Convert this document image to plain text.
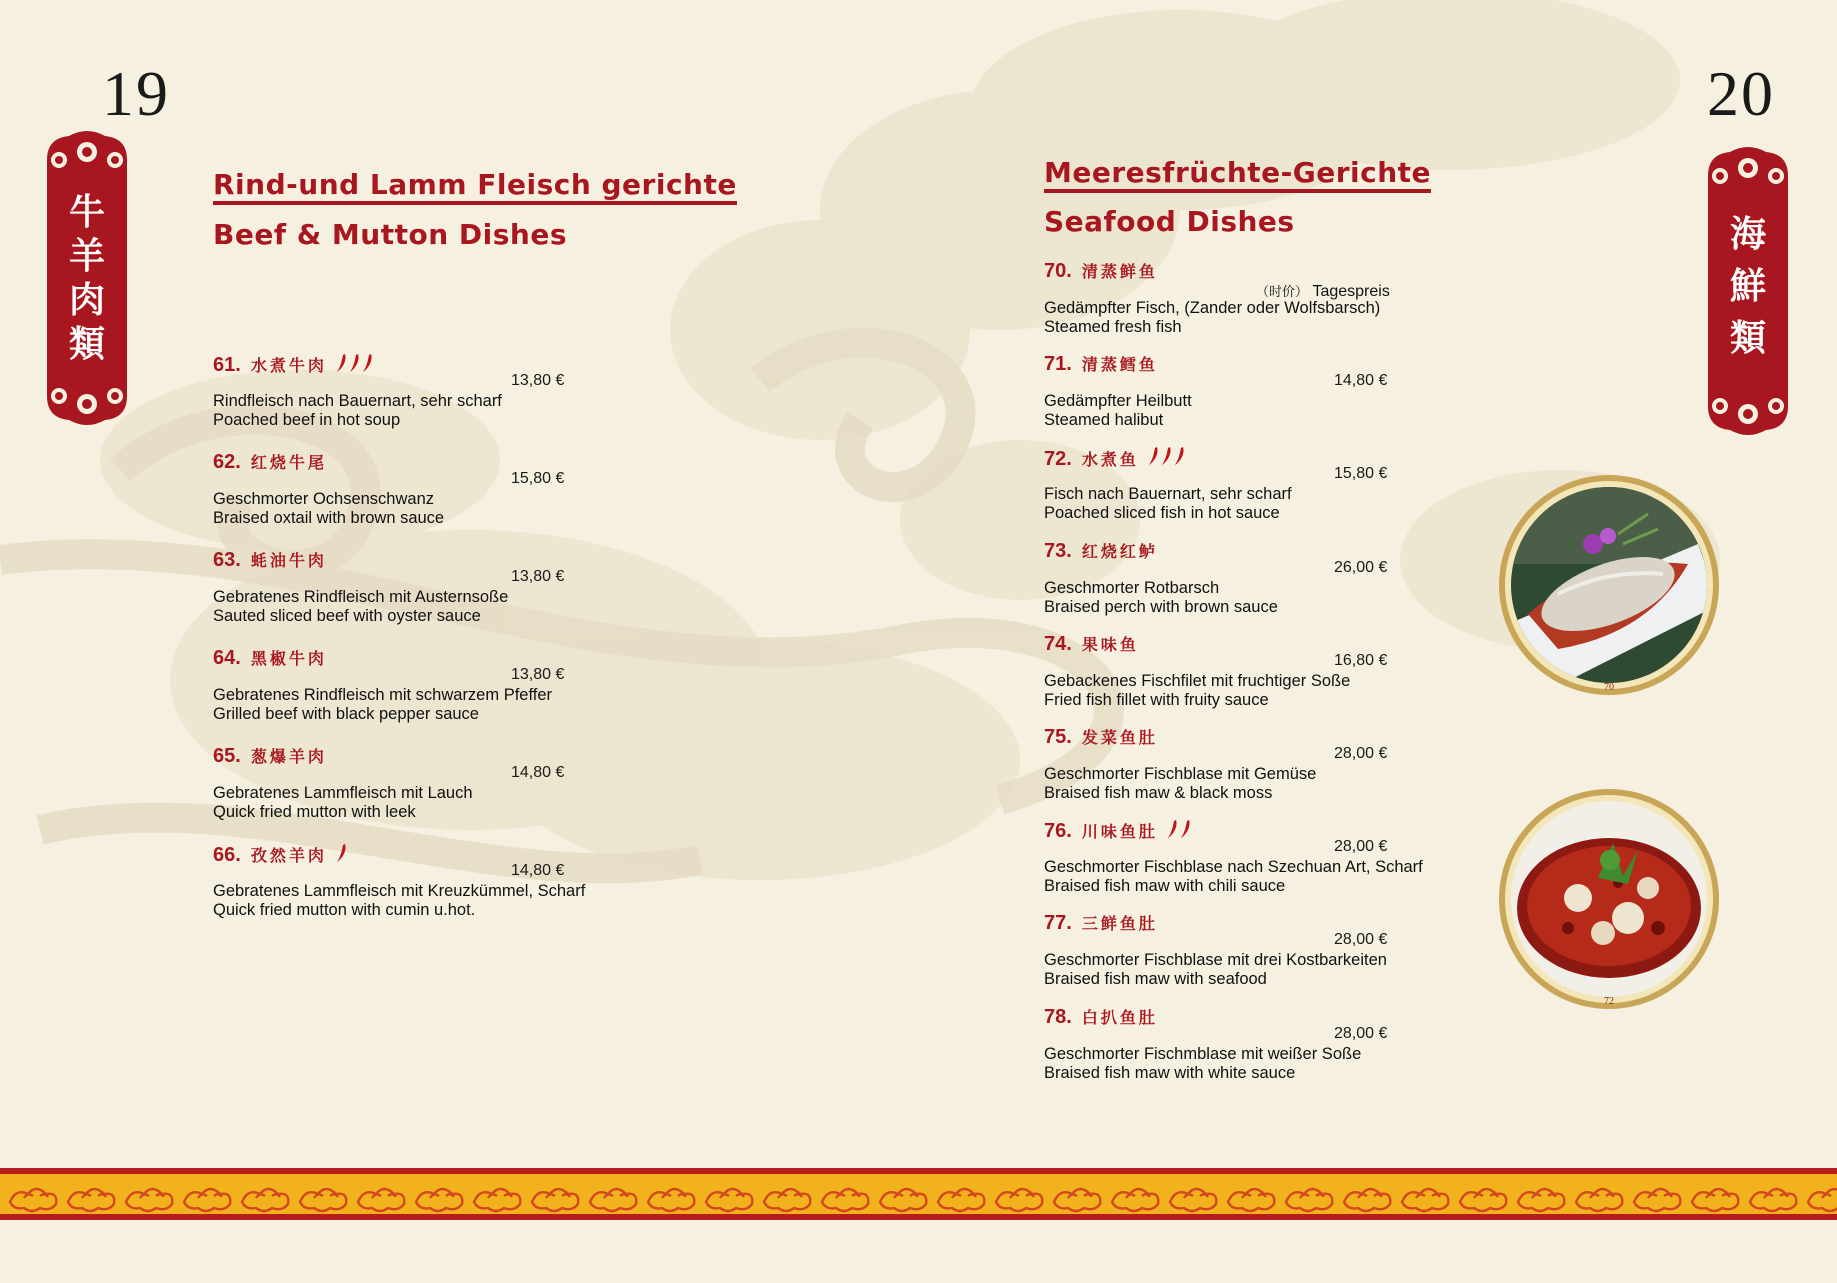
19
牛
羊
肉
類
Rind-und Lamm Fleisch gerichte
Beef & Mutton Dishes
61. 水煮牛肉
13,80 €
Rindfleisch nach Bauernart, sehr scharf
Poached beef in hot soup
62. 红烧牛尾
15,80 €
Geschmorter Ochsenschwanz
Braised oxtail with brown sauce
63. 蚝油牛肉
13,80 €
Gebratenes Rindfleisch mit Austernsoße
Sauted sliced beef with oyster sauce
64. 黑椒牛肉
13,80 €
Gebratenes Rindfleisch mit schwarzem Pfeffer
Grilled beef with black pepper sauce
65. 葱爆羊肉
14,80 €
Gebratenes Lammfleisch mit Lauch
Quick fried mutton with leek
66. 孜然羊肉
14,80 €
Gebratenes Lammfleisch mit Kreuzkümmel, Scharf
Quick fried mutton with cumin u.hot.
20
海
鮮
類
Meeresfrüchte-Gerichte
Seafood Dishes
70. 清蒸鲜鱼
Gedämpfter Fisch, (Zander oder Wolfsbarsch)
Steamed fresh fish
（时价） Tagespreis
71. 清蒸鳕鱼
14,80 €
Gedämpfter Heilbutt
Steamed halibut
72. 水煮鱼
15,80 €
Fisch nach Bauernart, sehr scharf
Poached sliced fish in hot sauce
73. 红烧红鲈
26,00 €
Geschmorter Rotbarsch
Braised perch with brown sauce
74. 果味鱼
16,80 €
Gebackenes Fischfilet mit fruchtiger Soße
Fried fish fillet with fruity sauce
75. 发菜鱼肚
28,00 €
Geschmorter Fischblase mit Gemüse
Braised fish maw & black moss
76. 川味鱼肚
28,00 €
Geschmorter Fischblase nach Szechuan Art, Scharf
Braised fish maw with chili sauce
77. 三鲜鱼肚
28,00 €
Geschmorter Fischblase mit drei Kostbarkeiten
Braised fish maw with seafood
78. 白扒鱼肚
28,00 €
Geschmorter Fischmblase mit weißer Soße
Braised fish maw with white sauce
70
72
